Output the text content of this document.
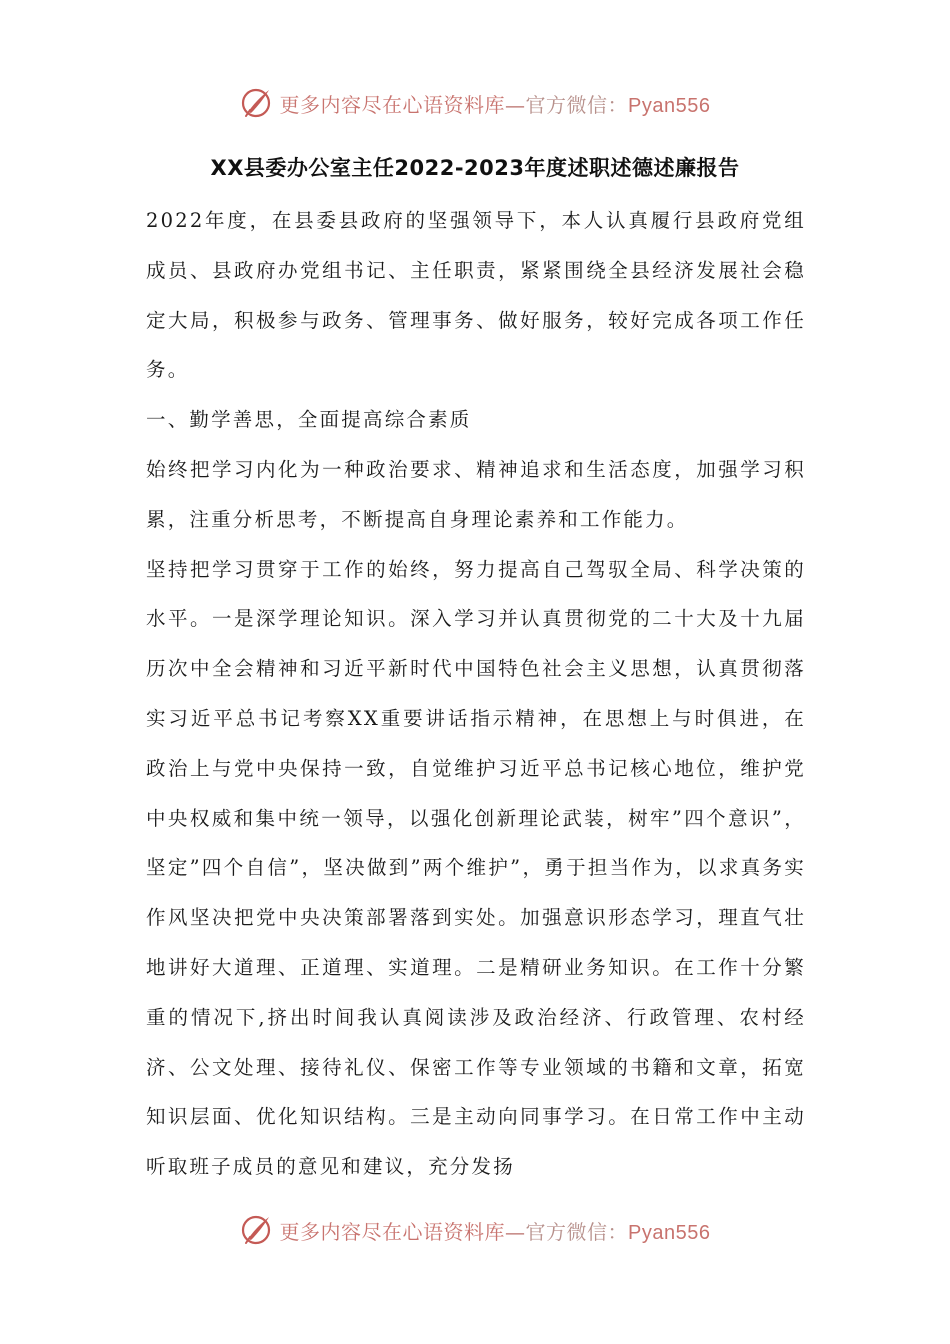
更多内容尽在心语资料库—官方微信：Pyan556
XX县委办公室主任2022-2023年度述职述德述廉报告

2022年度，在县委县政府的坚强领导下，本人认真履行县政府党组成员、县政府办党组书记、主任职责，紧紧围绕全县经济发展社会稳定大局，积极参与政务、管理事务、做好服务，较好完成各项工作任务。

一、勤学善思，全面提高综合素质

始终把学习内化为一种政治要求、精神追求和生活态度，加强学习积累，注重分析思考，不断提高自身理论素养和工作能力。

坚持把学习贯穿于工作的始终，努力提高自己驾驭全局、科学决策的水平。一是深学理论知识。深入学习并认真贯彻党的二十大及十九届历次中全会精神和习近平新时代中国特色社会主义思想，认真贯彻落实习近平总书记考察XX重要讲话指示精神，在思想上与时俱进，在政治上与党中央保持一致，自觉维护习近平总书记核心地位，维护党中央权威和集中统一领导，以强化创新理论武装，树牢”四个意识”，坚定”四个自信”，坚决做到”两个维护”，勇于担当作为，以求真务实作风坚决把党中央决策部署落到实处。加强意识形态学习，理直气壮地讲好大道理、正道理、实道理。二是精研业务知识。在工作十分繁重的情况下,挤出时间我认真阅读涉及政治经济、行政管理、农村经济、公文处理、接待礼仪、保密工作等专业领域的书籍和文章，拓宽知识层面、优化知识结构。三是主动向同事学习。在日常工作中主动听取班子成员的意见和建议，充分发扬

更多内容尽在心语资料库—官方微信：Pyan556
